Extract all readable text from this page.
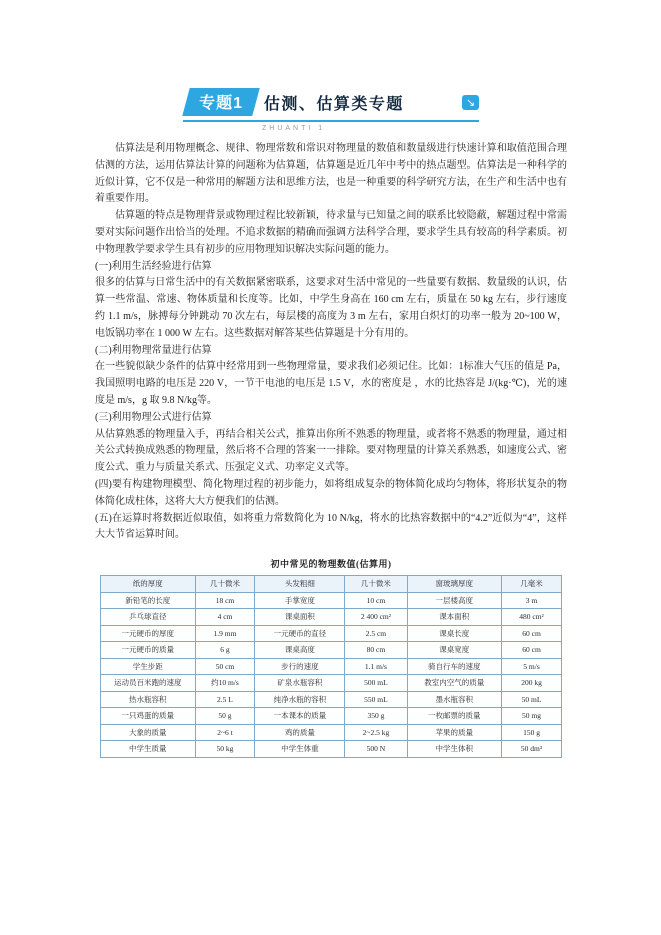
专题1	估测、估算类专题	↘
ZHUANTI 1

估算法是利用物理概念、规律、物理常数和常识对物理量的数值和数量级进行快速计算和取值范围合理估测的方法，运用估算法计算的问题称为估算题，估算题是近几年中考中的热点题型。估算法是一种科学的近似计算，它不仅是一种常用的解题方法和思维方法，也是一种重要的科学研究方法，在生产和生活中也有着重要作用。

估算题的特点是物理背景或物理过程比较新颖，待求量与已知量之间的联系比较隐蔽，解题过程中常需要对实际问题作出恰当的处理。不追求数据的精确而强调方法科学合理，要求学生具有较高的科学素质。初中物理教学要求学生具有初步的应用物理知识解决实际问题的能力。

(一)利用生活经验进行估算

很多的估算与日常生活中的有关数据紧密联系，这要求对生活中常见的一些量要有数据、数量级的认识，估算一些常温、常速、物体质量和长度等。比如，中学生身高在 160 cm 左右，质量在 50 kg 左右，步行速度约 1.1 m/s，脉搏每分钟跳动 70 次左右，每层楼的高度为 3 m 左右，家用白炽灯的功率一般为 20~100 W，电饭锅功率在 1 000 W 左右。这些数据对解答某些估算题是十分有用的。

(二)利用物理常量进行估算

在一些貌似缺少条件的估算中经常用到一些物理常量，要求我们必须记住。比如：1标准大气压的值是 Pa，我国照明电路的电压是 220 V，一节干电池的电压是 1.5 V，水的密度是 ，水的比热容是 J/(kg·℃)，光的速度是 m/s，g 取 9.8 N/kg等。

(三)利用物理公式进行估算

从估算熟悉的物理量入手，再结合相关公式，推算出你所不熟悉的物理量，或者将不熟悉的物理量，通过相关公式转换成熟悉的物理量，然后将不合理的答案一一排除。要对物理量的计算关系熟悉，如速度公式、密度公式、重力与质量关系式、压强定义式、功率定义式等。

(四)要有构建物理模型、简化物理过程的初步能力，如将组成复杂的物体简化成均匀物体，将形状复杂的物体简化成柱体，这将大大方便我们的估测。

(五)在运算时将数据近似取值，如将重力常数简化为 10 N/kg，将水的比热容数据中的“4.2”近似为“4”，这样大大节省运算时间。

初中常见的物理数值(估算用)
纸的厚度	几十微米	头发粗细	几十微米	窗玻璃厚度	几毫米
新铅笔的长度	18 cm	手掌宽度	10 cm	一层楼高度	3 m
乒乓球直径	4 cm	课桌面积	2 400 cm²	课本面积	480 cm²
一元硬币的厚度	1.9 mm	一元硬币的直径	2.5 cm	课桌长度	60 cm
一元硬币的质量	6 g	课桌高度	80 cm	课桌宽度	60 cm
学生步距	50 cm	步行的速度	1.1 m/s	骑自行车的速度	5 m/s
运动员百米跑的速度	约10 m/s	矿泉水瓶容积	500 mL	教室内空气的质量	200 kg
热水瓶容积	2.5 L	纯净水瓶的容积	550 mL	墨水瓶容积	50 mL
一只鸡蛋的质量	50 g	一本课本的质量	350 g	一枚邮票的质量	50 mg
大象的质量	2~6 t	鸡的质量	2~2.5 kg	苹果的质量	150 g
中学生质量	50 kg	中学生体重	500 N	中学生体积	50 dm³
